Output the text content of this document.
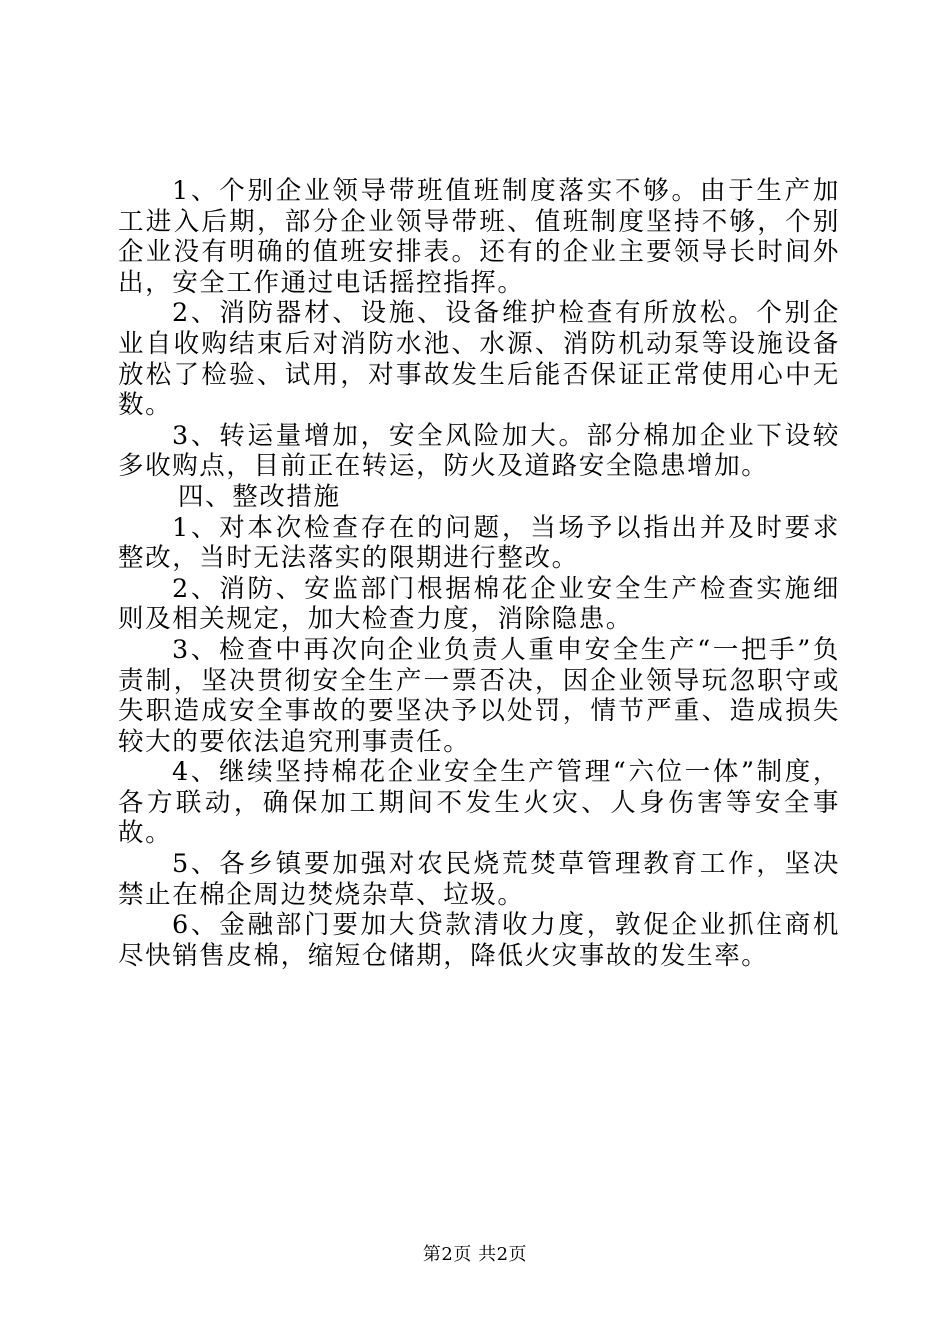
1、个别企业领导带班值班制度落实不够。由于生产加工进入后期，部分企业领导带班、值班制度坚持不够，个别企业没有明确的值班安排表。还有的企业主要领导长时间外出，安全工作通过电话摇控指挥。

2、消防器材、设施、设备维护检查有所放松。个别企业自收购结束后对消防水池、水源、消防机动泵等设施设备放松了检验、试用，对事故发生后能否保证正常使用心中无数。

3、转运量增加，安全风险加大。部分棉加企业下设较多收购点，目前正在转运，防火及道路安全隐患增加。

四、整改措施

1、对本次检查存在的问题，当场予以指出并及时要求整改，当时无法落实的限期进行整改。

2、消防、安监部门根据棉花企业安全生产检查实施细则及相关规定，加大检查力度，消除隐患。

3、检查中再次向企业负责人重申安全生产“一把手”负责制，坚决贯彻安全生产一票否决，因企业领导玩忽职守或失职造成安全事故的要坚决予以处罚，情节严重、造成损失较大的要依法追究刑事责任。

4、继续坚持棉花企业安全生产管理“六位一体”制度，各方联动，确保加工期间不发生火灾、人身伤害等安全事故。

5、各乡镇要加强对农民烧荒焚草管理教育工作，坚决禁止在棉企周边焚烧杂草、垃圾。

6、金融部门要加大贷款清收力度，敦促企业抓住商机尽快销售皮棉，缩短仓储期，降低火灾事故的发生率。

第2页 共2页
